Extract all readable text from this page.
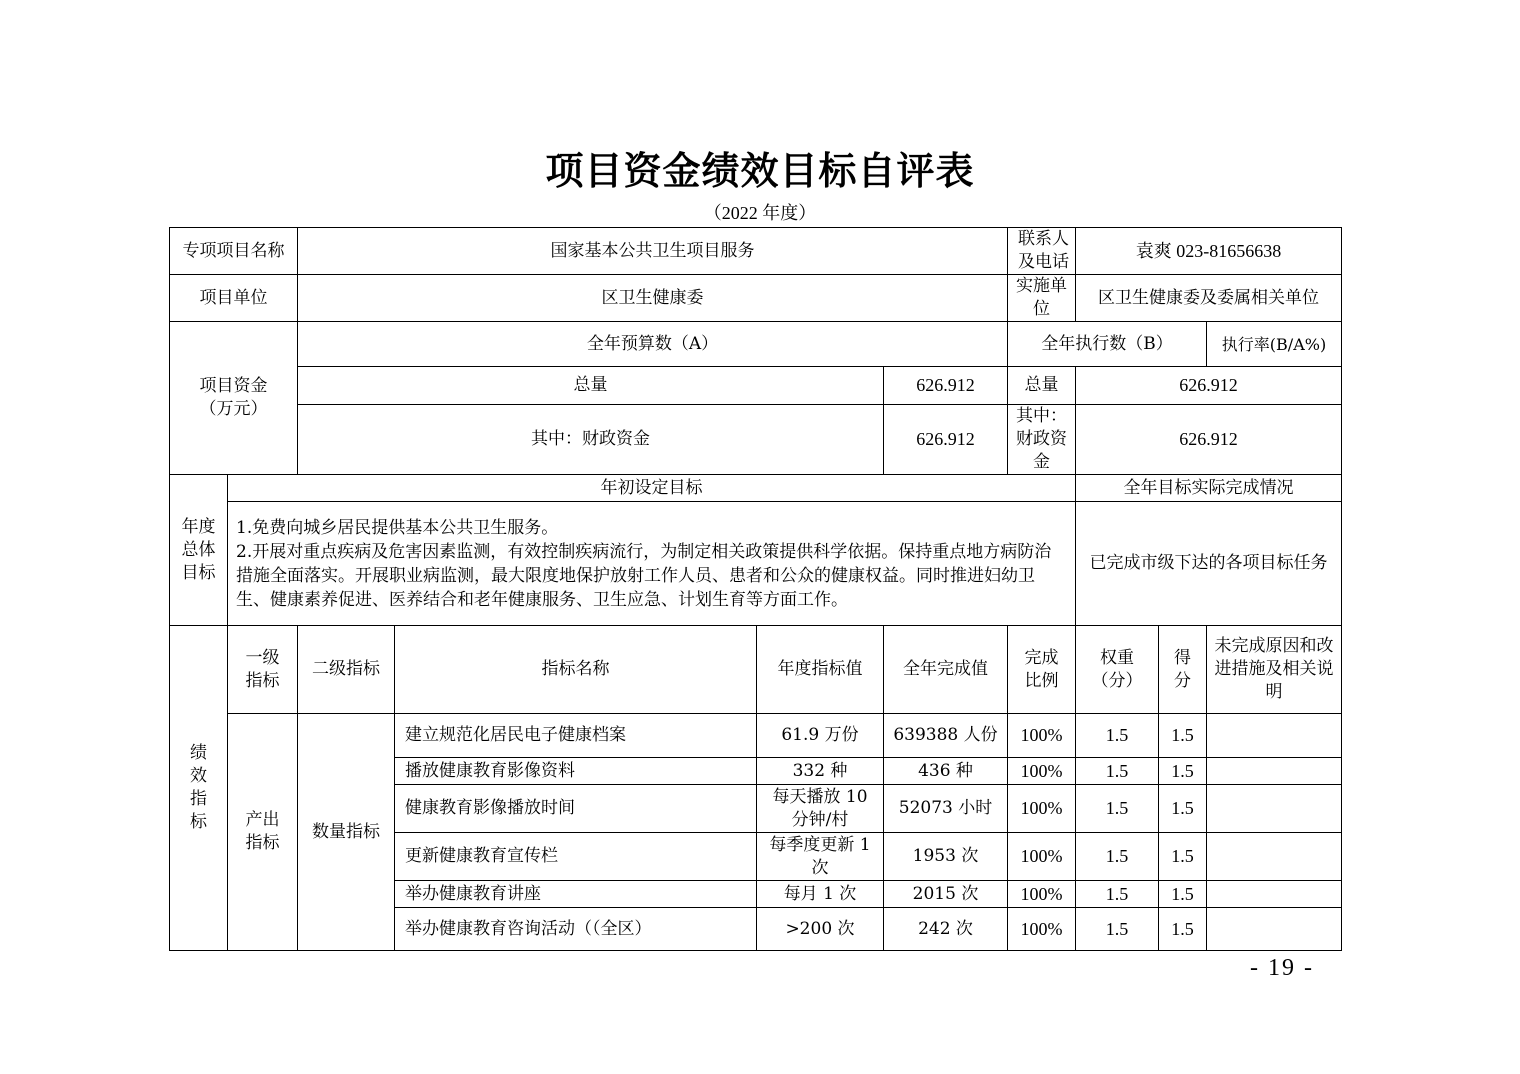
项目资金绩效目标自评表
（2022 年度）
专项项目名称		国家基本公共卫生项目服务				联系人及电话	袁爽 023-81656638			
项目单位		区卫生健康委				实施单位	区卫生健康委及委属相关单位			
项目资金（万元）		全年预算数（A）				全年执行数（B）			执行率(B/A%)	
		总量			626.912	总量	626.912	
		其中：财政资金			626.912	其中：财政资金	626.912	
年度总体目标	年初设定目标						全年目标实际完成情况			

	1.免费向城乡居民提供基本公共卫生服务。
2.开展对重点疾病及危害因素监测，有效控制疾病流行，为制定相关政策提供科学依据。保持重点地方病防治措施全面落实。开展职业病监测，最大限度地保护放射工作人员、患者和公众的健康权益。同时推进妇幼卫生、健康素养促进、医养结合和老年健康服务、卫生应急、计划生育等方面工作。						已完成市级下达的各项目标任务			
绩效指标	一级指标	二级指标	指标名称	年度指标值	全年完成值	完成比例	权重（分）	得分	未完成原因和改进措施及相关说明	
	产出指标	数量指标	建立规范化居民电子健康档案	61.9 万份	639388 人份	100%	1.5	1.5		
			播放健康教育影像资料	332 种	436 种	100%	1.5	1.5		
			健康教育影像播放时间	每天播放 10 分钟/村	52073 小时	100%	1.5	1.5		
			更新健康教育宣传栏	每季度更新 1 次	1953 次	100%	1.5	1.5		
			举办健康教育讲座	每月 1 次	2015 次	100%	1.5	1.5		
			举办健康教育咨询活动（（全区）	>200 次	242 次	100%	1.5	1.5		
- 19 -
